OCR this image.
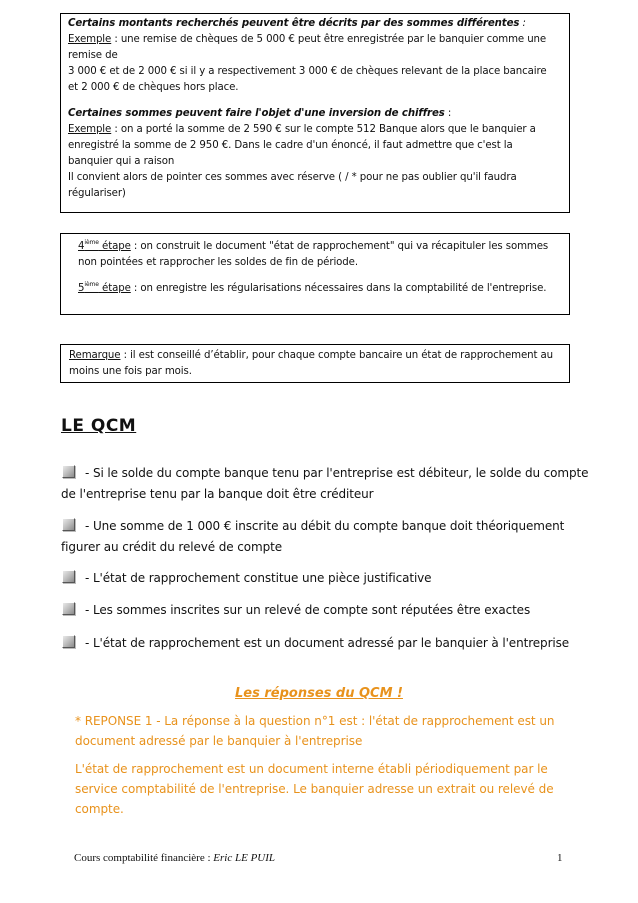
Certains montants recherchés peuvent être décrits par des sommes différentes :

Exemple : une remise de chèques de 5 000 € peut être enregistrée par le banquier comme une

remise de

3 000 € et de 2 000 € si il y a respectivement 3 000 € de chèques relevant de la place bancaire

et 2 000 € de chèques hors place.

Certaines sommes peuvent faire l'objet d'une inversion de chiffres :

Exemple : on a porté la somme de 2 590 € sur le compte 512 Banque alors que le banquier a

enregistré la somme de 2 950 €. Dans le cadre d'un énoncé, il faut admettre que c'est la

banquier qui a raison

Il convient alors de pointer ces sommes avec réserve ( / * pour ne pas oublier qu'il faudra

régulariser)

4ième étape : on construit le document "état de rapprochement" qui va récapituler les sommes

non pointées et rapprocher les soldes de fin de période.

5ième étape : on enregistre les régularisations nécessaires dans la comptabilité de l'entreprise.

Remarque : il est conseillé d’établir, pour chaque compte bancaire un état de rapprochement au

moins une fois par mois.

LE QCM

- Si le solde du compte banque tenu par l'entreprise est débiteur, le solde du compte

de l'entreprise tenu par la banque doit être créditeur

- Une somme de 1 000 € inscrite au débit du compte banque doit théoriquement

figurer au crédit du relevé de compte

- L'état de rapprochement constitue une pièce justificative

- Les sommes inscrites sur un relevé de compte sont réputées être exactes

- L'état de rapprochement est un document adressé par le banquier à l'entreprise

Les réponses du QCM !

* REPONSE 1 - La réponse à la question n°1 est : l'état de rapprochement est un

document adressé par le banquier à l'entreprise

L'état de rapprochement est un document interne établi périodiquement par le

service comptabilité de l'entreprise. Le banquier adresse un extrait ou relevé de

compte.

Cours comptabilité financière : Eric LE PUIL	1
